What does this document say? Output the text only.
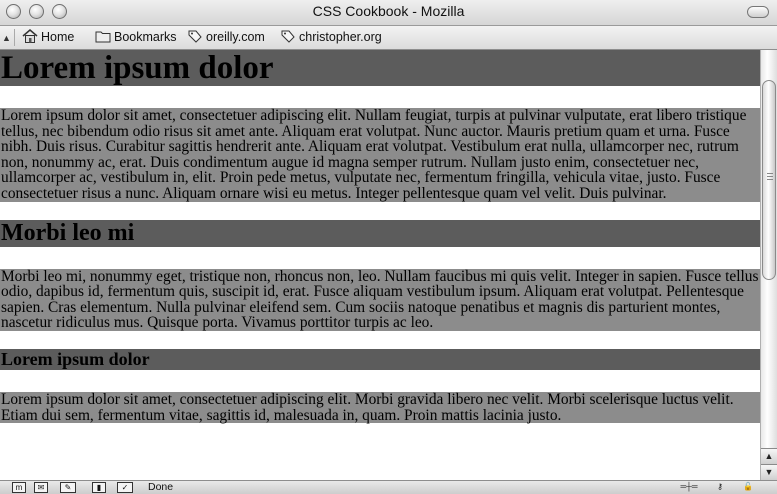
CSS Cookbook - Mozilla
▲	Home	Bookmarks	oreilly.com	christopher.org
Lorem ipsum dolor

Lorem ipsum dolor sit amet, consectetuer adipiscing elit. Nullam feugiat, turpis at pulvinar vulputate, erat libero tristique tellus, nec bibendum odio risus sit amet ante. Aliquam erat volutpat. Nunc auctor. Mauris pretium quam et urna. Fusce nibh. Duis risus. Curabitur sagittis hendrerit ante. Aliquam erat volutpat. Vestibulum erat nulla, ullamcorper nec, rutrum non, nonummy ac, erat. Duis condimentum augue id magna semper rutrum. Nullam justo enim, consectetuer nec, ullamcorper ac, vestibulum in, elit. Proin pede metus, vulputate nec, fermentum fringilla, vehicula vitae, justo. Fusce consectetuer risus a nunc. Aliquam ornare wisi eu metus. Integer pellentesque quam vel velit. Duis pulvinar.

Morbi leo mi

Morbi leo mi, nonummy eget, tristique non, rhoncus non, leo. Nullam faucibus mi quis velit. Integer in sapien. Fusce tellus odio, dapibus id, fermentum quis, suscipit id, erat. Fusce aliquam vestibulum ipsum. Aliquam erat volutpat. Pellentesque sapien. Cras elementum. Nulla pulvinar eleifend sem. Cum sociis natoque penatibus et magnis dis parturient montes, nascetur ridiculus mus. Quisque porta. Vivamus porttitor turpis ac leo.

Lorem ipsum dolor

Lorem ipsum dolor sit amet, consectetuer adipiscing elit. Morbi gravida libero nec velit. Morbi scelerisque luctus velit. Etiam dui sem, fermentum vitae, sagittis id, malesuada in, quam. Proin mattis lacinia justo.

▲
▼
m	✉	✎	▮	✓	Done	═┼═	⚷	🔓
